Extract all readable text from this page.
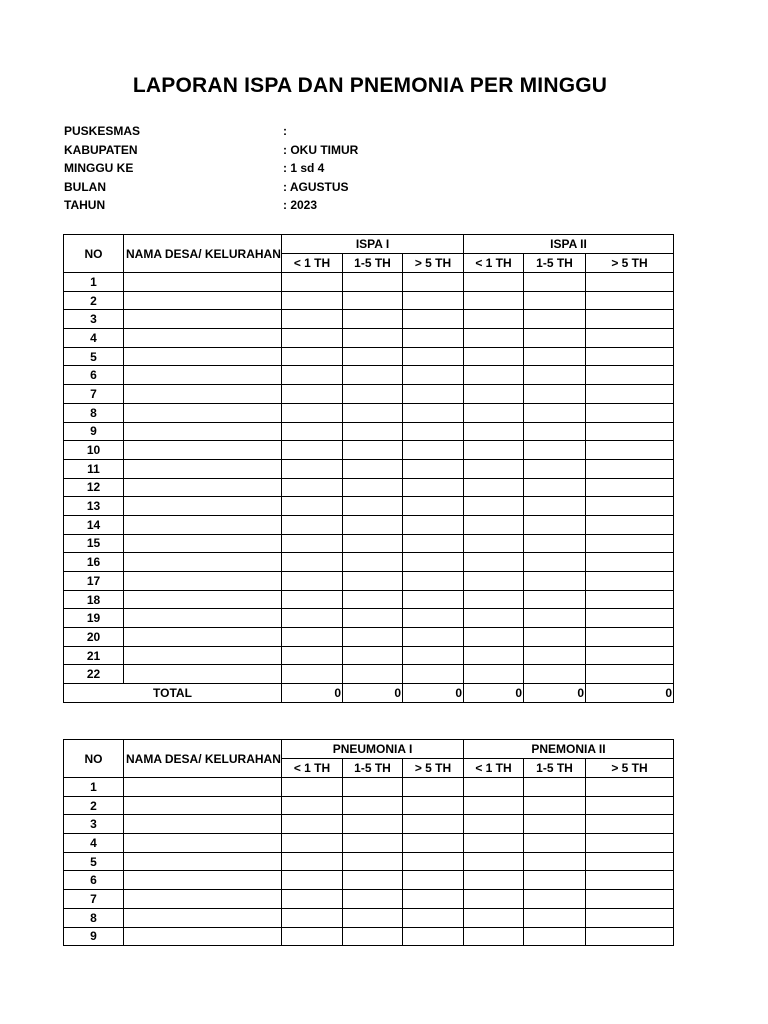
LAPORAN ISPA DAN PNEMONIA PER MINGGU
PUSKESMAS	:
KABUPATEN	: OKU TIMUR
MINGGU KE	: 1 sd 4
BULAN	: AGUSTUS
TAHUN	: 2023
NO	NAMA DESA/ KELURAHAN	ISPA I			ISPA II		
		< 1 TH	1-5 TH	> 5 TH	< 1 TH	1-5 TH	> 5 TH
1							
2							
3							
4							
5							
6							
7							
8							
9							
10							
11							
12							
13							
14							
15							
16							
17							
18							
19							
20							
21							
22							
TOTAL		0	0	0	0	0	0
NO	NAMA DESA/ KELURAHAN	PNEUMONIA I			PNEMONIA II		
		< 1 TH	1-5 TH	> 5 TH	< 1 TH	1-5 TH	> 5 TH
1							
2							
3							
4							
5							
6							
7							
8							
9							
